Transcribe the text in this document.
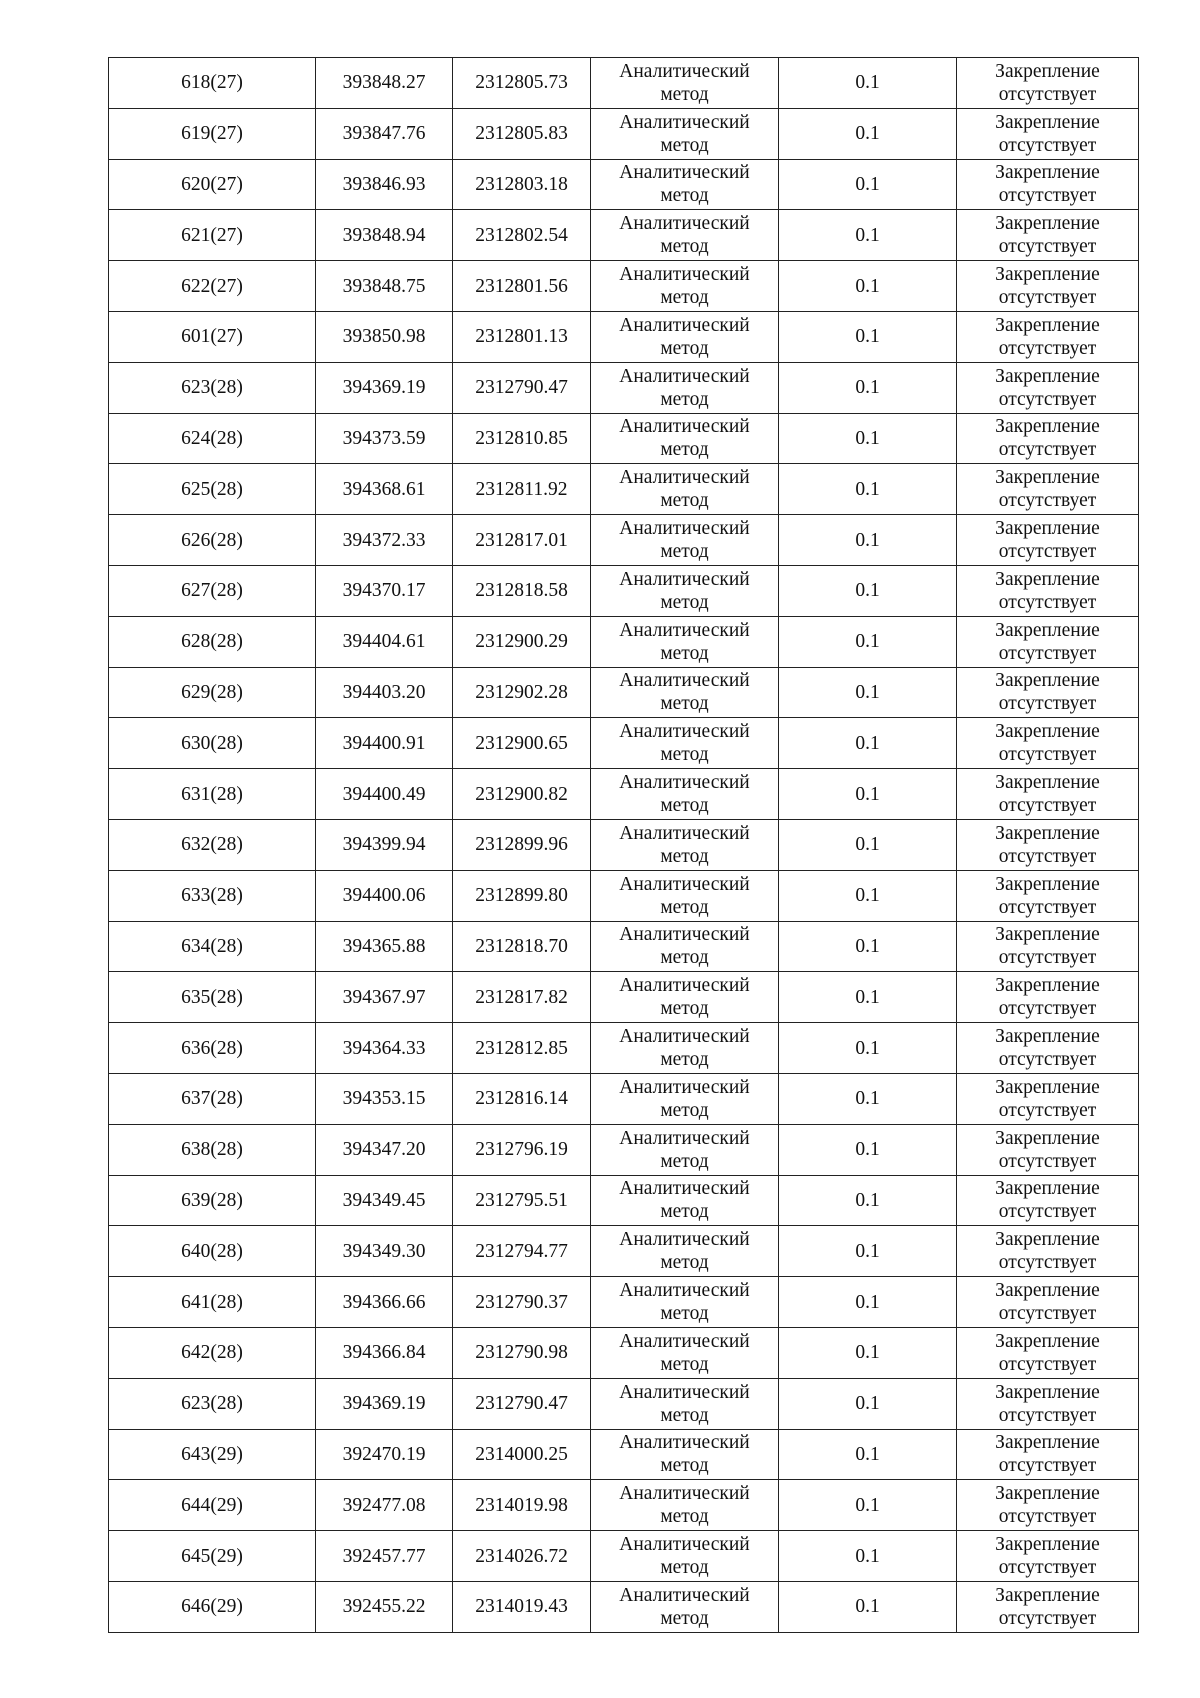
618(27)	393848.27	2312805.73	Аналитический
метод	0.1	Закрепление
отсутствует

619(27)	393847.76	2312805.83	Аналитический
метод	0.1	Закрепление
отсутствует

620(27)	393846.93	2312803.18	Аналитический
метод	0.1	Закрепление
отсутствует

621(27)	393848.94	2312802.54	Аналитический
метод	0.1	Закрепление
отсутствует

622(27)	393848.75	2312801.56	Аналитический
метод	0.1	Закрепление
отсутствует

601(27)	393850.98	2312801.13	Аналитический
метод	0.1	Закрепление
отсутствует

623(28)	394369.19	2312790.47	Аналитический
метод	0.1	Закрепление
отсутствует

624(28)	394373.59	2312810.85	Аналитический
метод	0.1	Закрепление
отсутствует

625(28)	394368.61	2312811.92	Аналитический
метод	0.1	Закрепление
отсутствует

626(28)	394372.33	2312817.01	Аналитический
метод	0.1	Закрепление
отсутствует

627(28)	394370.17	2312818.58	Аналитический
метод	0.1	Закрепление
отсутствует

628(28)	394404.61	2312900.29	Аналитический
метод	0.1	Закрепление
отсутствует

629(28)	394403.20	2312902.28	Аналитический
метод	0.1	Закрепление
отсутствует

630(28)	394400.91	2312900.65	Аналитический
метод	0.1	Закрепление
отсутствует

631(28)	394400.49	2312900.82	Аналитический
метод	0.1	Закрепление
отсутствует

632(28)	394399.94	2312899.96	Аналитический
метод	0.1	Закрепление
отсутствует

633(28)	394400.06	2312899.80	Аналитический
метод	0.1	Закрепление
отсутствует

634(28)	394365.88	2312818.70	Аналитический
метод	0.1	Закрепление
отсутствует

635(28)	394367.97	2312817.82	Аналитический
метод	0.1	Закрепление
отсутствует

636(28)	394364.33	2312812.85	Аналитический
метод	0.1	Закрепление
отсутствует

637(28)	394353.15	2312816.14	Аналитический
метод	0.1	Закрепление
отсутствует

638(28)	394347.20	2312796.19	Аналитический
метод	0.1	Закрепление
отсутствует

639(28)	394349.45	2312795.51	Аналитический
метод	0.1	Закрепление
отсутствует

640(28)	394349.30	2312794.77	Аналитический
метод	0.1	Закрепление
отсутствует

641(28)	394366.66	2312790.37	Аналитический
метод	0.1	Закрепление
отсутствует

642(28)	394366.84	2312790.98	Аналитический
метод	0.1	Закрепление
отсутствует

623(28)	394369.19	2312790.47	Аналитический
метод	0.1	Закрепление
отсутствует

643(29)	392470.19	2314000.25	Аналитический
метод	0.1	Закрепление
отсутствует

644(29)	392477.08	2314019.98	Аналитический
метод	0.1	Закрепление
отсутствует

645(29)	392457.77	2314026.72	Аналитический
метод	0.1	Закрепление
отсутствует

646(29)	392455.22	2314019.43	Аналитический
метод	0.1	Закрепление
отсутствует
